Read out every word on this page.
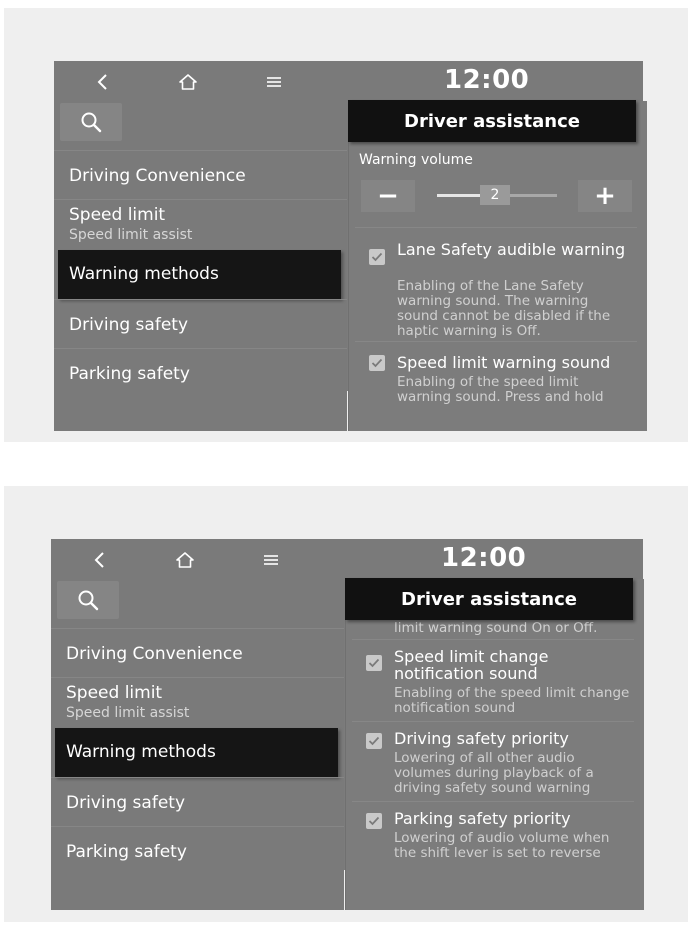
12:00
Driving Convenience
Speed limit
Speed limit assist
Warning methods
Driving safety
Parking safety
Warning volume
−	2	+
Lane Safety audible warning
Enabling of the Lane Safety warning sound. The warning sound cannot be disabled if the haptic warning is Off.
Speed limit warning sound
Enabling of the speed limit warning sound. Press and hold
Driver assistance
12:00
Driving Convenience
Speed limit
Speed limit assist
Warning methods
Driving safety
Parking safety
limit warning sound On or Off.
Speed limit change notification sound
Enabling of the speed limit change notification sound
Driving safety priority
Lowering of all other audio volumes during playback of a driving safety sound warning
Parking safety priority
Lowering of audio volume when the shift lever is set to reverse
Driver assistance
